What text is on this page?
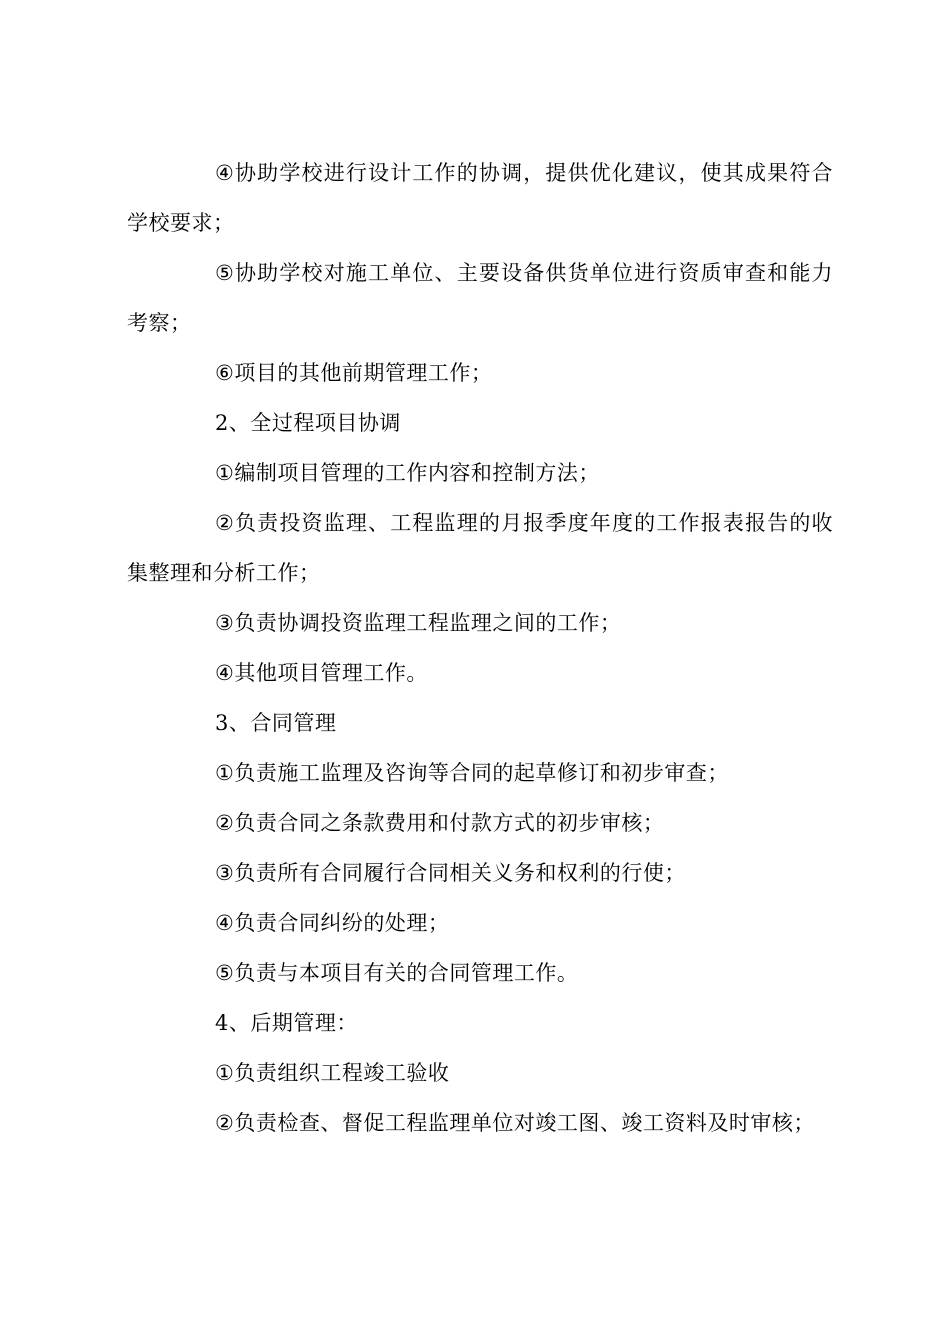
④协助学校进行设计工作的协调，提供优化建议，使其成果符合学校要求；

⑤协助学校对施工单位、主要设备供货单位进行资质审查和能力考察；

⑥项目的其他前期管理工作；

2、全过程项目协调

①编制项目管理的工作内容和控制方法；

②负责投资监理、工程监理的月报季度年度的工作报表报告的收集整理和分析工作；

③负责协调投资监理工程监理之间的工作；

④其他项目管理工作。

3、合同管理

①负责施工监理及咨询等合同的起草修订和初步审查；

②负责合同之条款费用和付款方式的初步审核；

③负责所有合同履行合同相关义务和权利的行使；

④负责合同纠纷的处理；

⑤负责与本项目有关的合同管理工作。

4、后期管理：

①负责组织工程竣工验收

②负责检查、督促工程监理单位对竣工图、竣工资料及时审核；
